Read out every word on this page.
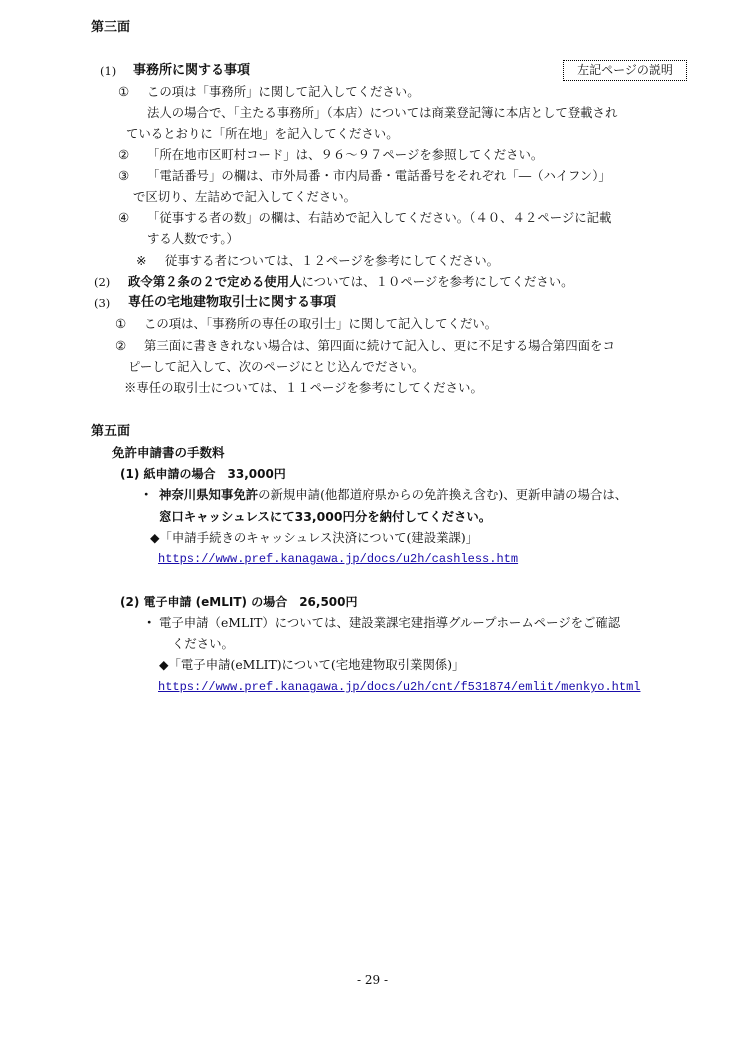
第三面
(1) 事務所に関する事項	左記ページの説明
① この項は「事務所」に関して記入してください。
法人の場合で、「主たる事務所」（本店）については商業登記簿に本店として登載され
ているとおりに「所在地」を記入してください。
② 「所在地市区町村コード」は、９６～９７ページを参照してください。
③ 「電話番号」の欄は、市外局番・市内局番・電話番号をそれぞれ「―（ハイフン）」
で区切り、左詰めで記入してください。
④ 「従事する者の数」の欄は、右詰めで記入してください。（４０、４２ページに記載
する人数です。）
※ 従事する者については、１２ページを参考にしてください。
(2) 政令第２条の２で定める使用人については、１０ページを参考にしてください。
(3) 専任の宅地建物取引士に関する事項
① この項は、「事務所の専任の取引士」に関して記入してくだい。
② 第三面に書ききれない場合は、第四面に続けて記入し、更に不足する場合第四面をコ
ピーして記入して、次のページにとじ込んでださい。
※専任の取引士については、１１ページを参考にしてください。
第五面
免許申請書の手数料
(1) 紙申請の場合　33,000円
・ 神奈川県知事免許の新規申請(他都道府県からの免許換え含む)、更新申請の場合は、
窓口キャッシュレスにて33,000円分を納付してください。
◆「申請手続きのキャッシュレス決済について(建設業課)」
https://www.pref.kanagawa.jp/docs/u2h/cashless.htm
(2) 電子申請 (eMLIT) の場合　26,500円
・ 電子申請（eMLIT）については、建設業課宅建指導グループホームページをご確認
ください。
◆「電子申請(eMLIT)について(宅地建物取引業関係)」
https://www.pref.kanagawa.jp/docs/u2h/cnt/f531874/emlit/menkyo.html
- 29 -
